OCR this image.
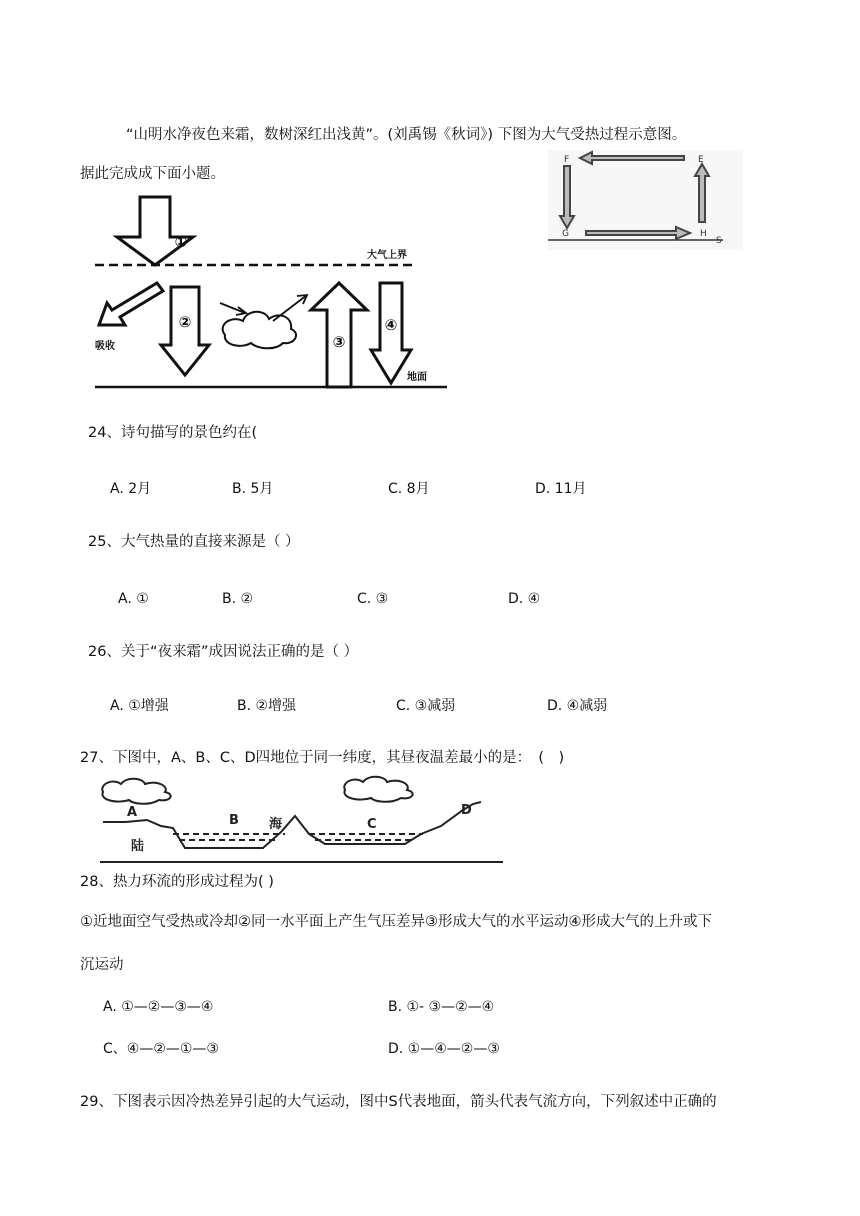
“山明水净夜色来霜，数树深红出浅黄”。(刘禹锡《秋词》) 下图为大气受热过程示意图。
据此完成成下面小题。
①
②
③
④
大气上界
吸收
地面
E
F
G	H
S
24、诗句描写的景色约在(
A. 2月	B. 5月	C. 8月	D. 11月
25、大气热量的直接来源是（ ）
A. ①	B. ②	C. ③	D. ④
26、关于“夜来霜”成因说法正确的是（ ）
A. ①增强	B. ②增强	C. ③减弱	D. ④减弱
27、下图中，A、B、C、D四地位于同一纬度，其昼夜温差最小的是：　(　)
A
B 海	C
D
陆
28、热力环流的形成过程为( )
①近地面空气受热或冷却②同一水平面上产生气压差异③形成大气的水平运动④形成大气的上升或下
沉运动
A. ①—②—③—④	B. ①- ③—②—④
C、④—②—①—③	D. ①—④—②—③
29、下图表示因冷热差异引起的大气运动，图中S代表地面，箭头代表气流方向，下列叙述中正确的
